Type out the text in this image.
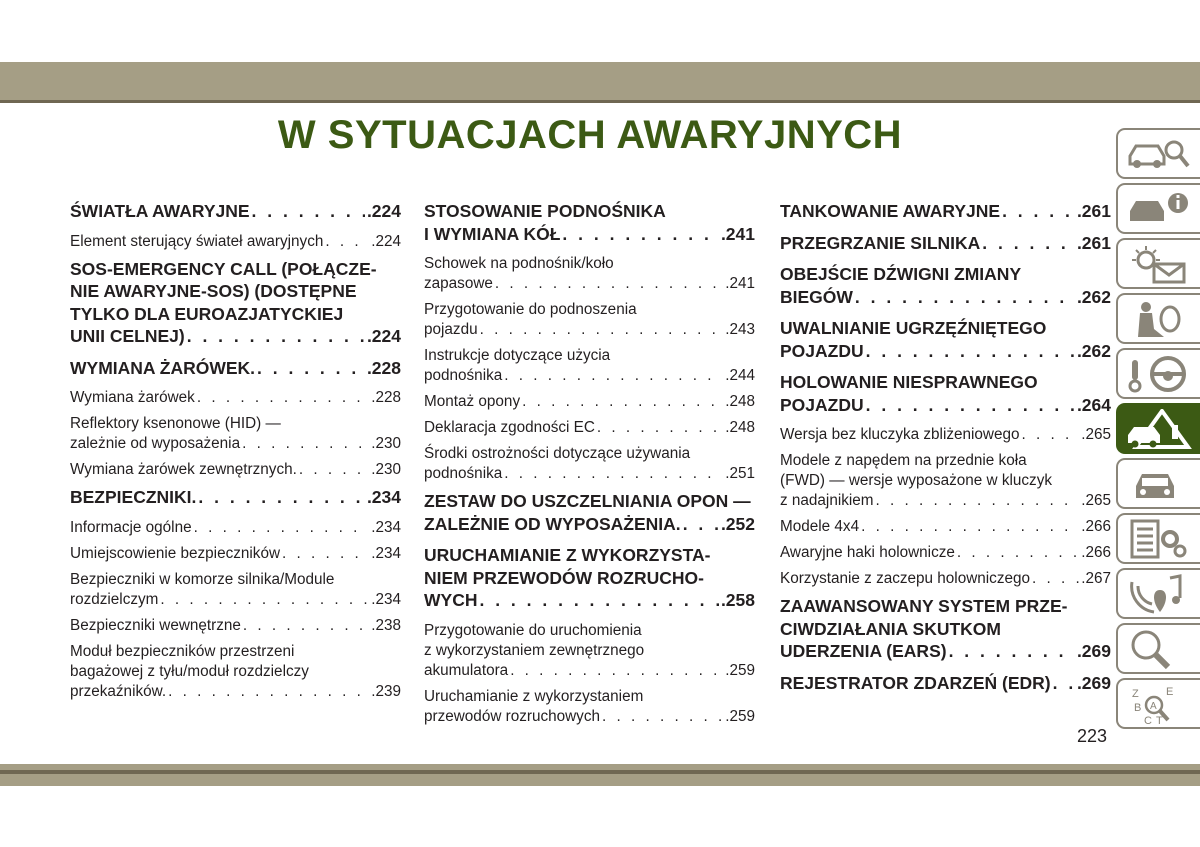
W SYTUACJACH AWARYJNYCH
ŚWIATŁA AWARYJNE . . .	.224
Element sterujący świateł awaryjnych . . .	.224
SOS-EMERGENCY CALL (POŁĄCZE-
NIE AWARYJNE-SOS) (DOSTĘPNE
TYLKO DLA EUROAZJATYCKIEJ
UNII CELNEJ) . . .	.224
WYMIANA ŻARÓWEK. . . .	.228
Wymiana żarówek . . .	.228
Reflektory ksenonowe (HID) —
zależnie od wyposażenia . . .	.230
Wymiana żarówek zewnętrznych. . . .	.230
BEZPIECZNIKI. . . .	.234
Informacje ogólne . . .	.234
Umiejscowienie bezpieczników . . .	.234
Bezpieczniki w komorze silnika/Module
rozdzielczym . . .	.234
Bezpieczniki wewnętrzne . . .	.238
Moduł bezpieczników przestrzeni
bagażowej z tyłu/moduł rozdzielczy
przekaźników. . . .	.239
STOSOWANIE PODNOŚNIKA
I WYMIANA KÓŁ . . .	.241
Schowek na podnośnik/koło
zapasowe . . .	.241
Przygotowanie do podnoszenia
pojazdu . . .	.243
Instrukcje dotyczące użycia
podnośnika . . .	.244
Montaż opony . . .	.248
Deklaracja zgodności EC . . .	.248
Środki ostrożności dotyczące używania
podnośnika . . .	.251
ZESTAW DO USZCZELNIANIA OPON —
ZALEŻNIE OD WYPOSAŻENIA. . . . .252
URUCHAMIANIE Z WYKORZYSTA-
NIEM PRZEWODÓW ROZRUCHO-
WYCH . . .	.258
Przygotowanie do uruchomienia
z wykorzystaniem zewnętrznego
akumulatora . . .	.259
Uruchamianie z wykorzystaniem
przewodów rozruchowych . . .	.259
TANKOWANIE AWARYJNE . . .	.261
PRZEGRZANIE SILNIKA . . .	.261
OBEJŚCIE DŹWIGNI ZMIANY
BIEGÓW . . .	.262
UWALNIANIE UGRZĘŹNIĘTEGO
POJAZDU . . .	.262
HOLOWANIE NIESPRAWNEGO
POJAZDU . . .	.264
Wersja bez kluczyka zbliżeniowego . . .	.265
Modele z napędem na przednie koła
(FWD) — wersje wyposażone w kluczyk
z nadajnikiem . . .	.265
Modele 4x4 . . .	.266
Awaryjne haki holownicze . . .	.266
Korzystanie z zaczepu holowniczego . . .	.267
ZAAWANSOWANY SYSTEM PRZE-
CIWDZIAŁANIA SKUTKOM
UDERZENIA (EARS) . . .	.269
REJESTRATOR ZDARZEŃ (EDR) . . . .269
Z E
B A
C T
223
